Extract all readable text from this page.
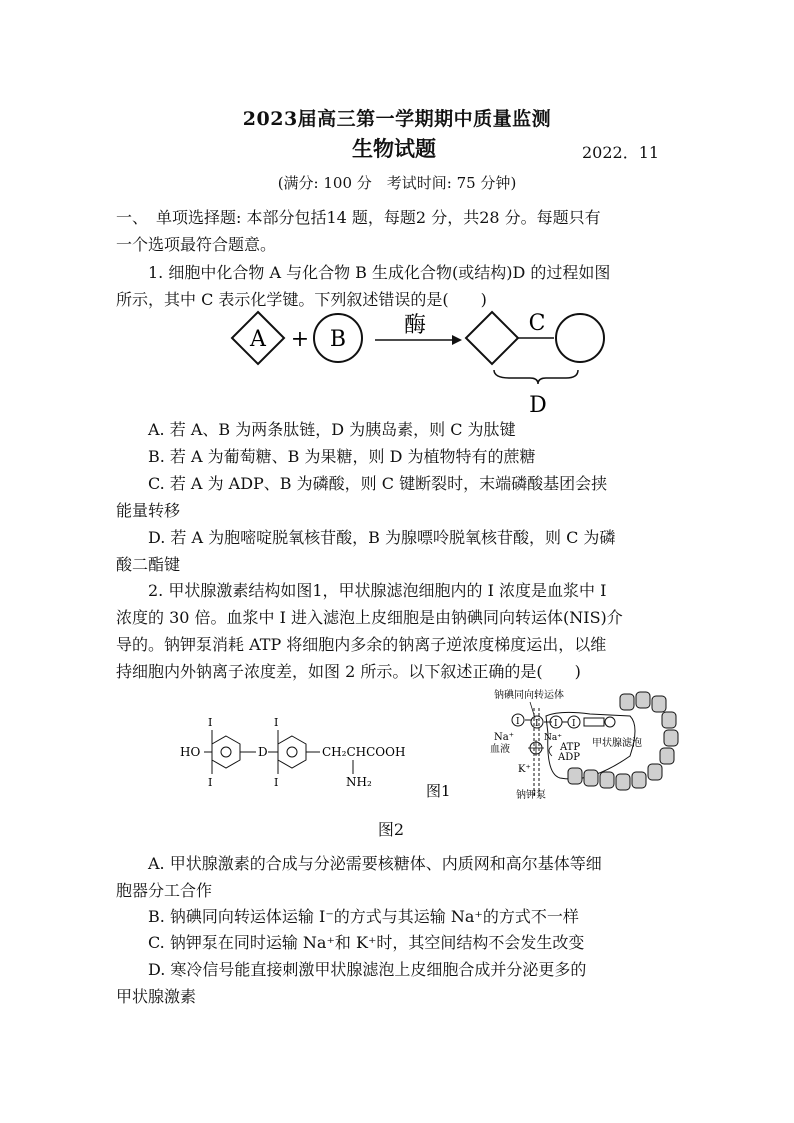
2023届高三第一学期期中质量监测
生物试题	2022．11
(满分: 100 分　考试时间: 75 分钟)
一、　单项选择题: 本部分包括14 题，每题2 分，共28 分。每题只有
一个选项最符合题意。
1. 细胞中化合物 A 与化合物 B 生成化合物(或结构)D 的过程如图
所示，其中 C 表示化学键。下列叙述错误的是(　　)
A + B
酶	C
D
A. 若 A、B 为两条肽链，D 为胰岛素，则 C 为肽键
B. 若 A 为葡萄糖、B 为果糖，则 D 为植物特有的蔗糖
C. 若 A 为 ADP、B 为磷酸，则 C 键断裂时，末端磷酸基团会挟
能量转移
D. 若 A 为胞嘧啶脱氧核苷酸，B 为腺嘌呤脱氧核苷酸，则 C 为磷
酸二酯键
2. 甲状腺激素结构如图1，甲状腺滤泡细胞内的 I 浓度是血浆中 I
浓度的 30 倍。血浆中 I 进入滤泡上皮细胞是由钠碘同向转运体(NIS)介
导的。钠钾泵消耗 ATP 将细胞内多余的钠离子逆浓度梯度运出，以维
持细胞内外钠离子浓度差，如图 2 所示。以下叙述正确的是(　　)
HO
I
I
D
I
I
CH₂CHCOOH
NH₂	图1
钠碘同向转运体
I I I I
Na⁺
血液
Na⁺
ATP
ADP
K⁺
甲状腺滤泡
钠钾泵
图2
A. 甲状腺激素的合成与分泌需要核糖体、内质网和高尔基体等细
胞器分工合作
B. 钠碘同向转运体运输 I⁻的方式与其运输 Na⁺的方式不一样
C. 钠钾泵在同时运输 Na⁺和 K⁺时，其空间结构不会发生改变
D. 寒冷信号能直接刺激甲状腺滤泡上皮细胞合成并分泌更多的
甲状腺激素
